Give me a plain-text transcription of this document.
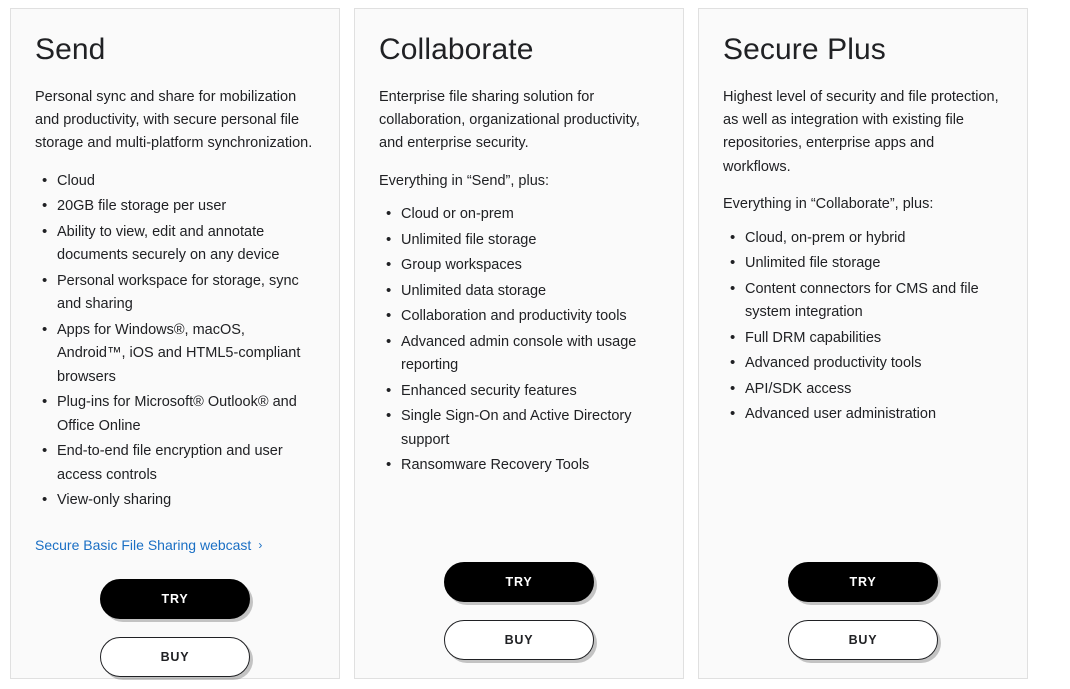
Send

Personal sync and share for mobilization and productivity, with secure personal file storage and multi-platform synchronization.

• Cloud
• 20GB file storage per user
• Ability to view, edit and annotate documents securely on any device
• Personal workspace for storage, sync and sharing
• Apps for Windows®, macOS, Android™, iOS and HTML5-compliant browsers
• Plug-ins for Microsoft® Outlook® and Office Online
• End-to-end file encryption and user access controls
• View-only sharing
Secure Basic File Sharing webcast ›
TRY
BUY
Collaborate

Enterprise file sharing solution for collaboration, organizational productivity, and enterprise security.

Everything in “Send”, plus:

• Cloud or on-prem
• Unlimited file storage
• Group workspaces
• Unlimited data storage
• Collaboration and productivity tools
• Advanced admin console with usage reporting
• Enhanced security features
• Single Sign-On and Active Directory support
• Ransomware Recovery Tools
TRY
BUY
Secure Plus

Highest level of security and file protection, as well as integration with existing file repositories, enterprise apps and workflows.

Everything in “Collaborate”, plus:

• Cloud, on-prem or hybrid
• Unlimited file storage
• Content connectors for CMS and file system integration
• Full DRM capabilities
• Advanced productivity tools
• API/SDK access
• Advanced user administration
TRY
BUY
